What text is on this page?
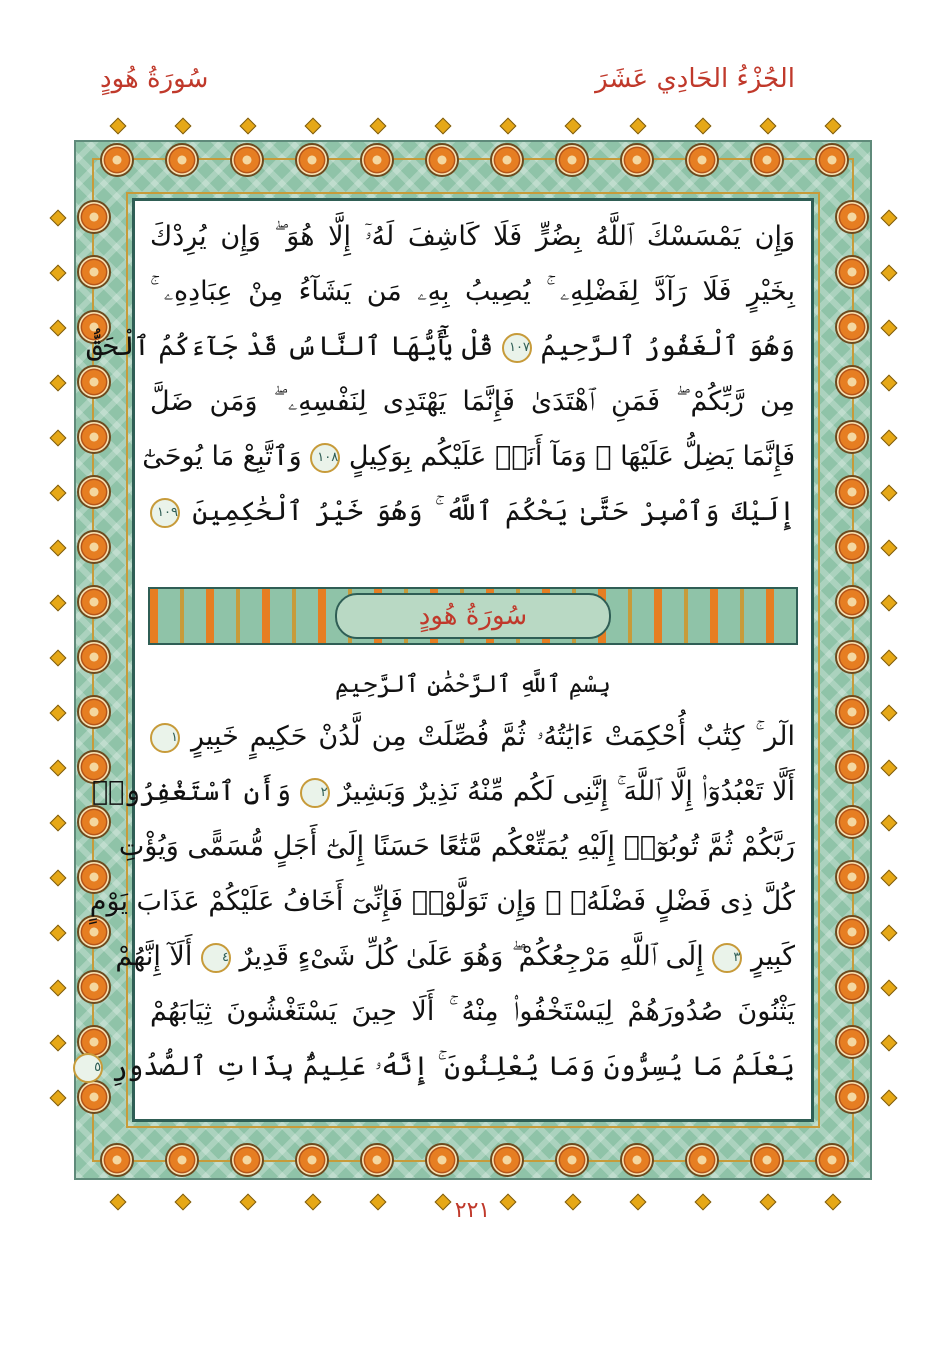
الجُزْءُ الحَادِي عَشَرَ
سُورَةُ هُودٍ
وَإِن يَمْسَسْكَ ٱللَّهُ بِضُرٍّ فَلَا كَاشِفَ لَهُۥٓ إِلَّا هُوَ ۖ وَإِن يُرِدْكَ
بِخَيْرٍ فَلَا رَآدَّ لِفَضْلِهِۦ ۚ يُصِيبُ بِهِۦ مَن يَشَآءُ مِنْ عِبَادِهِۦ ۚ
وَهُوَ ٱلْغَفُورُ ٱلرَّحِيمُ ١٠٧ قُلْ يَٰٓأَيُّهَا ٱلنَّاسُ قَدْ جَآءَكُمُ ٱلْحَقُّ
مِن رَّبِّكُمْ ۖ فَمَنِ ٱهْتَدَىٰ فَإِنَّمَا يَهْتَدِى لِنَفْسِهِۦ ۖ وَمَن ضَلَّ
فَإِنَّمَا يَضِلُّ عَلَيْهَا ۖ وَمَآ أَنَا۠ عَلَيْكُم بِوَكِيلٍ ١٠٨ وَٱتَّبِعْ مَا يُوحَىٰٓ
إِلَيْكَ وَٱصْبِرْ حَتَّىٰ يَحْكُمَ ٱللَّهُ ۚ وَهُوَ خَيْرُ ٱلْحَٰكِمِينَ ١٠٩
سُورَةُ هُودٍ
بِسْمِ ٱللَّهِ ٱلرَّحْمَٰنِ ٱلرَّحِيمِ
الٓر ۚ كِتَٰبٌ أُحْكِمَتْ ءَايَٰتُهُۥ ثُمَّ فُصِّلَتْ مِن لَّدُنْ حَكِيمٍ خَبِيرٍ ١
أَلَّا تَعْبُدُوٓا۟ إِلَّا ٱللَّهَ ۚ إِنَّنِى لَكُم مِّنْهُ نَذِيرٌ وَبَشِيرٌ ٢ وَأَنِ ٱسْتَغْفِرُوا۟
رَبَّكُمْ ثُمَّ تُوبُوٓا۟ إِلَيْهِ يُمَتِّعْكُم مَّتَٰعًا حَسَنًا إِلَىٰٓ أَجَلٍ مُّسَمًّى وَيُؤْتِ
كُلَّ ذِى فَضْلٍ فَضْلَهُۥ ۖ وَإِن تَوَلَّوْا۟ فَإِنِّىٓ أَخَافُ عَلَيْكُمْ عَذَابَ يَوْمٍ
كَبِيرٍ ٣ إِلَى ٱللَّهِ مَرْجِعُكُمْ ۖ وَهُوَ عَلَىٰ كُلِّ شَىْءٍ قَدِيرٌ ٤ أَلَآ إِنَّهُمْ
يَثْنُونَ صُدُورَهُمْ لِيَسْتَخْفُوا۟ مِنْهُ ۚ أَلَا حِينَ يَسْتَغْشُونَ ثِيَابَهُمْ
يَعْلَمُ مَا يُسِرُّونَ وَمَا يُعْلِنُونَ ۚ إِنَّهُۥ عَلِيمٌۢ بِذَاتِ ٱلصُّدُورِ ٥
٢٢١
